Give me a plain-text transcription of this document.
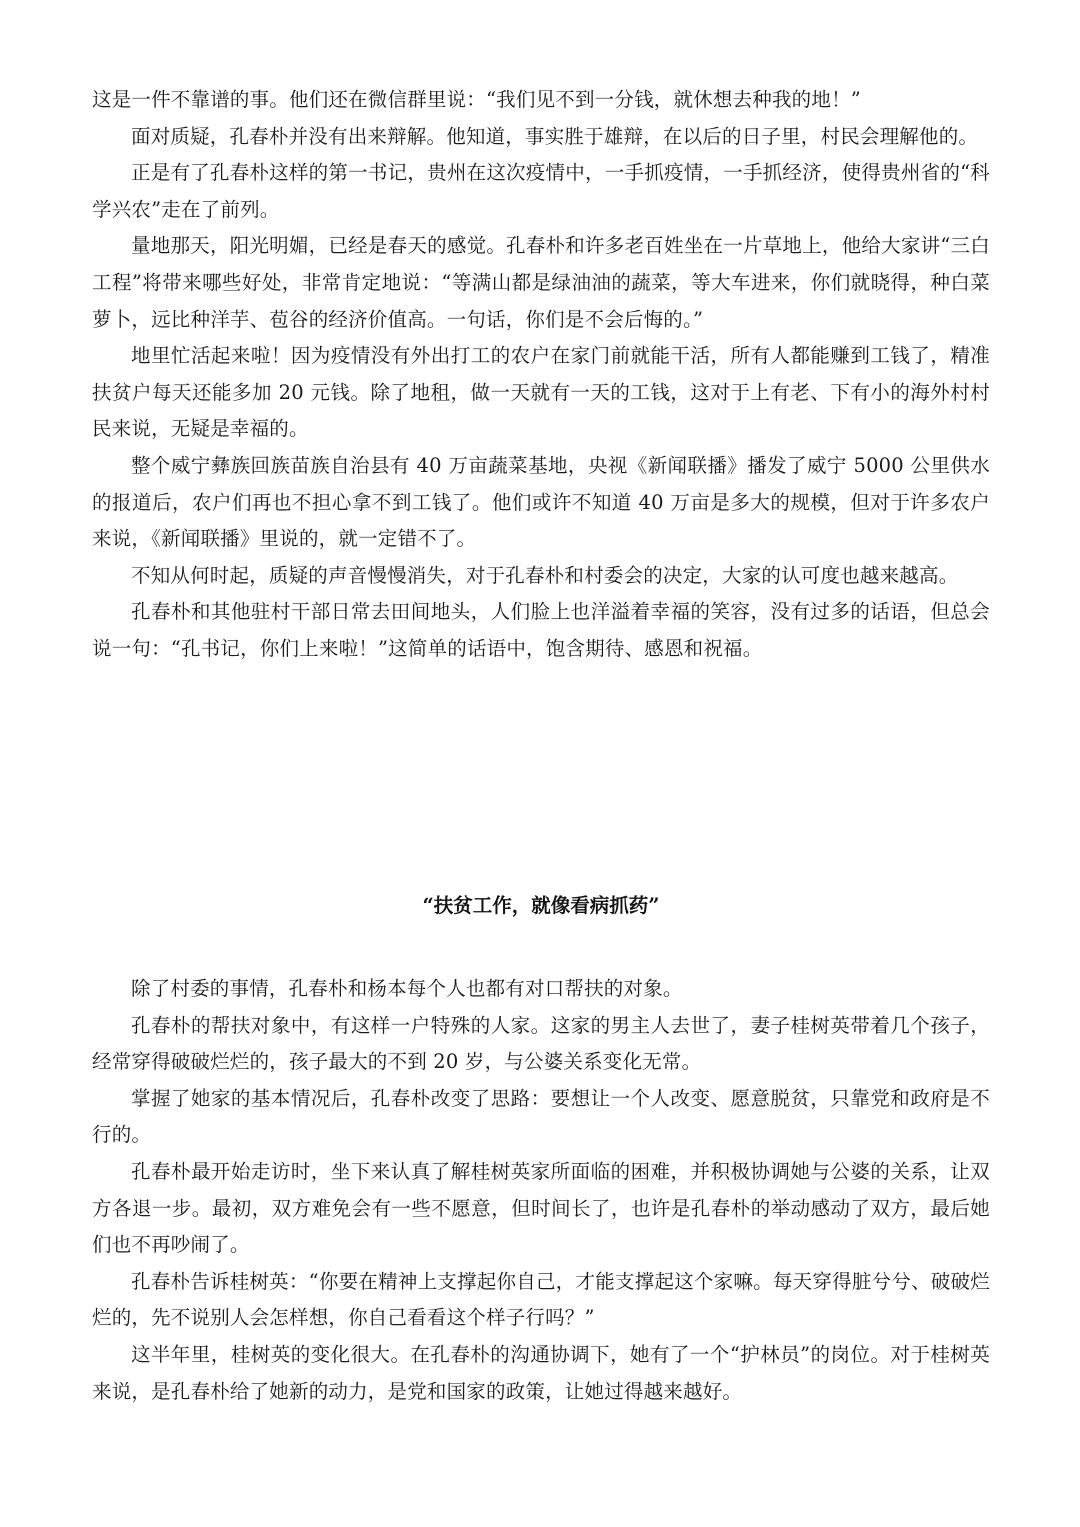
这是一件不靠谱的事。他们还在微信群里说：“我们见不到一分钱，就休想去种我的地！”

面对质疑，孔春朴并没有出来辩解。他知道，事实胜于雄辩，在以后的日子里，村民会理解他的。

正是有了孔春朴这样的第一书记，贵州在这次疫情中，一手抓疫情，一手抓经济，使得贵州省的“科学兴农”走在了前列。

量地那天，阳光明媚，已经是春天的感觉。孔春朴和许多老百姓坐在一片草地上，他给大家讲“三白工程”将带来哪些好处，非常肯定地说：“等满山都是绿油油的蔬菜，等大车进来，你们就晓得，种白菜萝卜，远比种洋芋、苞谷的经济价值高。一句话，你们是不会后悔的。”

地里忙活起来啦！因为疫情没有外出打工的农户在家门前就能干活，所有人都能赚到工钱了，精准扶贫户每天还能多加 20 元钱。除了地租，做一天就有一天的工钱，这对于上有老、下有小的海外村村民来说，无疑是幸福的。

整个威宁彝族回族苗族自治县有 40 万亩蔬菜基地，央视《新闻联播》播发了威宁 5000 公里供水的报道后，农户们再也不担心拿不到工钱了。他们或许不知道 40 万亩是多大的规模，但对于许多农户来说，《新闻联播》里说的，就一定错不了。

不知从何时起，质疑的声音慢慢消失，对于孔春朴和村委会的决定，大家的认可度也越来越高。

孔春朴和其他驻村干部日常去田间地头，人们脸上也洋溢着幸福的笑容，没有过多的话语，但总会说一句：“孔书记，你们上来啦！”这简单的话语中，饱含期待、感恩和祝福。

“扶贫工作，就像看病抓药”

除了村委的事情，孔春朴和杨本每个人也都有对口帮扶的对象。

孔春朴的帮扶对象中，有这样一户特殊的人家。这家的男主人去世了，妻子桂树英带着几个孩子，经常穿得破破烂烂的，孩子最大的不到 20 岁，与公婆关系变化无常。

掌握了她家的基本情况后，孔春朴改变了思路：要想让一个人改变、愿意脱贫，只靠党和政府是不行的。

孔春朴最开始走访时，坐下来认真了解桂树英家所面临的困难，并积极协调她与公婆的关系，让双方各退一步。最初，双方难免会有一些不愿意，但时间长了，也许是孔春朴的举动感动了双方，最后她们也不再吵闹了。

孔春朴告诉桂树英：“你要在精神上支撑起你自己，才能支撑起这个家嘛。每天穿得脏兮兮、破破烂烂的，先不说别人会怎样想，你自己看看这个样子行吗？”

这半年里，桂树英的变化很大。在孔春朴的沟通协调下，她有了一个“护林员”的岗位。对于桂树英来说，是孔春朴给了她新的动力，是党和国家的政策，让她过得越来越好。
